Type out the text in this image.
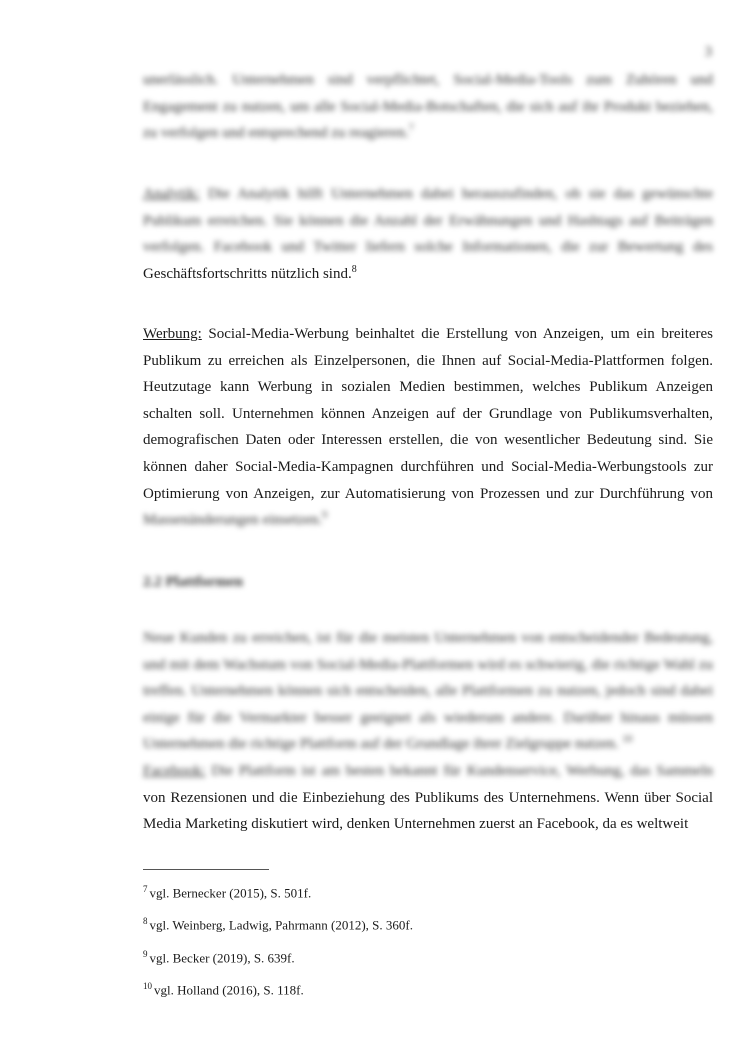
3

unerlässlich. Unternehmen sind verpflichtet, Social-Media-Tools zum Zuhören und Engagement zu nutzen, um alle Social-Media-Botschaften, die sich auf ihr Produkt beziehen, zu verfolgen und entsprechend zu reagieren.$^7$

Analytik: Die Analytik hilft Unternehmen dabei herauszufinden, ob sie das gewünschte Publikum erreichen. Sie können die Anzahl der Erwähnungen und Hashtags auf Beiträgen verfolgen. Facebook und Twitter liefern solche Informationen, die zur Bewertung des Geschäftsfortschritts nützlich sind.$^8$

Werbung: Social-Media-Werbung beinhaltet die Erstellung von Anzeigen, um ein breiteres Publikum zu erreichen als Einzelpersonen, die Ihnen auf Social-Media-Plattformen folgen. Heutzutage kann Werbung in sozialen Medien bestimmen, welches Publikum Anzeigen schalten soll. Unternehmen können Anzeigen auf der Grundlage von Publikumsverhalten, demografischen Daten oder Interessen erstellen, die von wesentlicher Bedeutung sind. Sie können daher Social-Media-Kampagnen durchführen und Social-Media-Werbungstools zur Optimierung von Anzeigen, zur Automatisierung von Prozessen und zur Durchführung von Massenänderungen einsetzen.$^9$

2.2 Plattformen

Neue Kunden zu erreichen, ist für die meisten Unternehmen von entscheidender Bedeutung, und mit dem Wachstum von Social-Media-Plattformen wird es schwierig, die richtige Wahl zu treffen. Unternehmen können sich entscheiden, alle Plattformen zu nutzen, jedoch sind dabei einige für die Vermarkter besser geeignet als wiederum andere. Darüber hinaus müssen Unternehmen die richtige Plattform auf der Grundlage ihrer Zielgruppe nutzen. $^{10}$
Facebook: Die Plattform ist am besten bekannt für Kundenservice, Werbung, das Sammeln von Rezensionen und die Einbeziehung des Publikums des Unternehmens. Wenn über Social Media Marketing diskutiert wird, denken Unternehmen zuerst an Facebook, da es weltweit

$^7$ vgl. Bernecker (2015), S. 501f.
$^8$ vgl. Weinberg, Ladwig, Pahrmann (2012), S. 360f.
$^9$ vgl. Becker (2019), S. 639f.
$^{10}$ vgl. Holland (2016), S. 118f.
